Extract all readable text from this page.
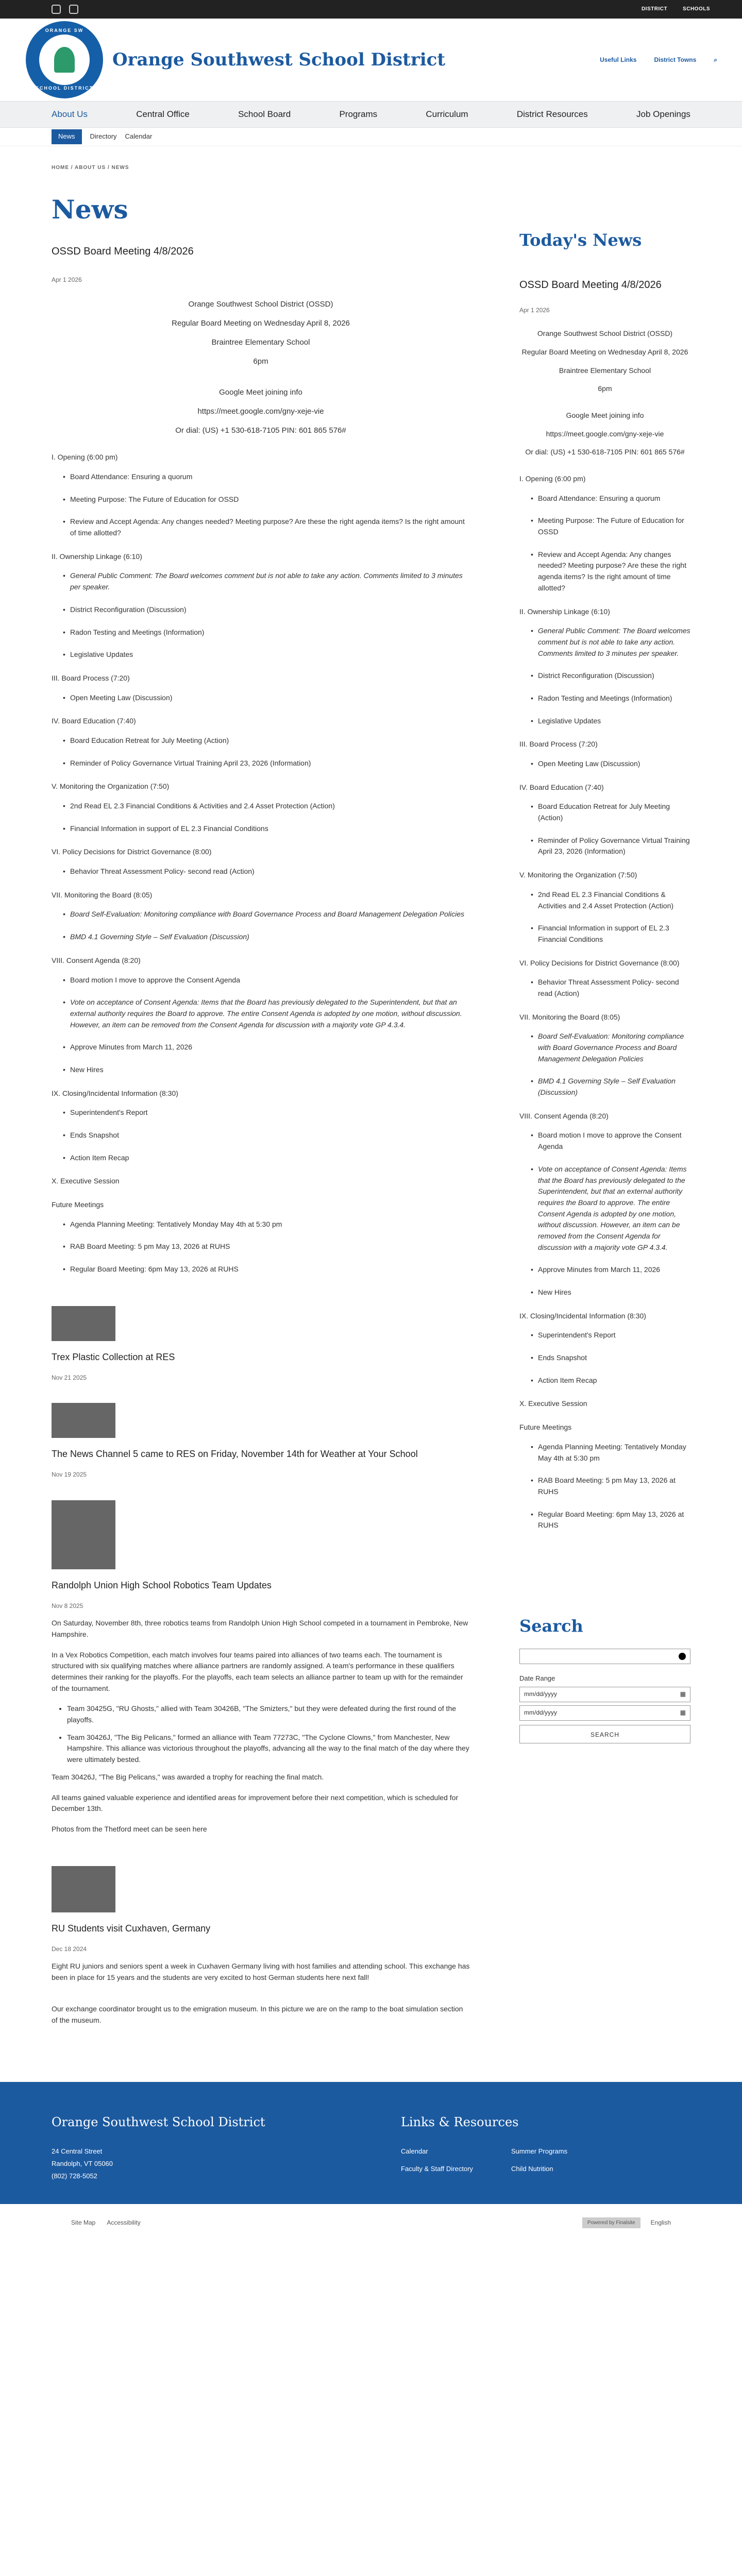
DISTRICT	SCHOOLS
ORANGE SW
SCHOOL DISTRICT
Orange Southwest School District	Useful Links	District Towns	⌕
About Us	Central Office	School Board	Programs	Curriculum	District Resources	Job Openings
News	Directory Calendar
HOME / ABOUT US / NEWS
News
OSSD Board Meeting 4/8/2026
Apr 1 2026

Orange Southwest School District (OSSD)

Regular Board Meeting on Wednesday April 8, 2026

Braintree Elementary School

6pm

Google Meet joining info

https://meet.google.com/gny-xeje-vie

Or dial: (US) +1 530-618-7105 PIN: 601 865 576#

I. Opening (6:00 pm)
• Board Attendance: Ensuring a quorum
• Meeting Purpose: The Future of Education for OSSD
• Review and Accept Agenda: Any changes needed? Meeting purpose? Are these the right agenda items? Is the right amount of time allotted?
II. Ownership Linkage (6:10)
• General Public Comment: The Board welcomes comment but is not able to take any action. Comments limited to 3 minutes per speaker.
• District Reconfiguration (Discussion)
• Radon Testing and Meetings (Information)
• Legislative Updates
III. Board Process (7:20)
• Open Meeting Law (Discussion)
IV. Board Education (7:40)
• Board Education Retreat for July Meeting (Action)
• Reminder of Policy Governance Virtual Training April 23, 2026 (Information)
V. Monitoring the Organization (7:50)
• 2nd Read EL 2.3 Financial Conditions & Activities and 2.4 Asset Protection (Action)
• Financial Information in support of EL 2.3 Financial Conditions
VI. Policy Decisions for District Governance (8:00)
• Behavior Threat Assessment Policy- second read (Action)
VII. Monitoring the Board (8:05)
• Board Self-Evaluation: Monitoring compliance with Board Governance Process and Board Management Delegation Policies
• BMD 4.1 Governing Style – Self Evaluation (Discussion)
VIII. Consent Agenda (8:20)
• Board motion I move to approve the Consent Agenda
• Vote on acceptance of Consent Agenda: Items that the Board has previously delegated to the Superintendent, but that an external authority requires the Board to approve. The entire Consent Agenda is adopted by one motion, without discussion. However, an item can be removed from the Consent Agenda for discussion with a majority vote GP 4.3.4.
• Approve Minutes from March 11, 2026
• New Hires
IX. Closing/Incidental Information (8:30)
• Superintendent's Report
• Ends Snapshot
• Action Item Recap
X. Executive Session
Future Meetings
• Agenda Planning Meeting: Tentatively Monday May 4th at 5:30 pm
• RAB Board Meeting: 5 pm May 13, 2026 at RUHS
• Regular Board Meeting: 6pm May 13, 2026 at RUHS
Trex Plastic Collection at RES
Nov 21 2025
The News Channel 5 came to RES on Friday, November 14th for Weather at Your School
Nov 19 2025
Randolph Union High School Robotics Team Updates
Nov 8 2025

On Saturday, November 8th, three robotics teams from Randolph Union High School competed in a tournament in Pembroke, New Hampshire.

In a Vex Robotics Competition, each match involves four teams paired into alliances of two teams each. The tournament is structured with six qualifying matches where alliance partners are randomly assigned. A team's performance in these qualifiers determines their ranking for the playoffs. For the playoffs, each team selects an alliance partner to team up with for the remainder of the tournament.

• Team 30425G, "RU Ghosts," allied with Team 30426B, "The Smizters," but they were defeated during the first round of the playoffs.
• Team 30426J, "The Big Pelicans," formed an alliance with Team 77273C, "The Cyclone Clowns," from Manchester, New Hampshire. This alliance was victorious throughout the playoffs, advancing all the way to the final match of the day where they were ultimately bested.

Team 30426J, "The Big Pelicans," was awarded a trophy for reaching the final match.

All teams gained valuable experience and identified areas for improvement before their next competition, which is scheduled for December 13th.

Photos from the Thetford meet can be seen here

RU Students visit Cuxhaven, Germany
Dec 18 2024

Eight RU juniors and seniors spent a week in Cuxhaven Germany living with host families and attending school. This exchange has been in place for 15 years and the students are very excited to host German students here next fall!

Our exchange coordinator brought us to the emigration museum. In this picture we are on the ramp to the boat simulation section of the museum.

Today's News
OSSD Board Meeting 4/8/2026
Apr 1 2026

Orange Southwest School District (OSSD)

Regular Board Meeting on Wednesday April 8, 2026

Braintree Elementary School

6pm

Google Meet joining info

https://meet.google.com/gny-xeje-vie

Or dial: (US) +1 530-618-7105 PIN: 601 865 576#

I. Opening (6:00 pm)
• Board Attendance: Ensuring a quorum
• Meeting Purpose: The Future of Education for OSSD
• Review and Accept Agenda: Any changes needed? Meeting purpose? Are these the right agenda items? Is the right amount of time allotted?
II. Ownership Linkage (6:10)
• General Public Comment: The Board welcomes comment but is not able to take any action. Comments limited to 3 minutes per speaker.
• District Reconfiguration (Discussion)
• Radon Testing and Meetings (Information)
• Legislative Updates
III. Board Process (7:20)
• Open Meeting Law (Discussion)
IV. Board Education (7:40)
• Board Education Retreat for July Meeting (Action)
• Reminder of Policy Governance Virtual Training April 23, 2026 (Information)
V. Monitoring the Organization (7:50)
• 2nd Read EL 2.3 Financial Conditions & Activities and 2.4 Asset Protection (Action)
• Financial Information in support of EL 2.3 Financial Conditions
VI. Policy Decisions for District Governance (8:00)
• Behavior Threat Assessment Policy- second read (Action)
VII. Monitoring the Board (8:05)
• Board Self-Evaluation: Monitoring compliance with Board Governance Process and Board Management Delegation Policies
• BMD 4.1 Governing Style – Self Evaluation (Discussion)
VIII. Consent Agenda (8:20)
• Board motion I move to approve the Consent Agenda
• Vote on acceptance of Consent Agenda: Items that the Board has previously delegated to the Superintendent, but that an external authority requires the Board to approve. The entire Consent Agenda is adopted by one motion, without discussion. However, an item can be removed from the Consent Agenda for discussion with a majority vote GP 4.3.4.
• Approve Minutes from March 11, 2026
• New Hires
IX. Closing/Incidental Information (8:30)
• Superintendent's Report
• Ends Snapshot
• Action Item Recap
X. Executive Session
Future Meetings
• Agenda Planning Meeting: Tentatively Monday May 4th at 5:30 pm
• RAB Board Meeting: 5 pm May 13, 2026 at RUHS
• Regular Board Meeting: 6pm May 13, 2026 at RUHS
Search
Date Range
mm/dd/yyyy	▦
mm/dd/yyyy	▦
SEARCH
Orange Southwest School District

24 Central Street

Randolph, VT 05060

(802) 728-5052

Links & Resources
Calendar	Summer Programs
Faculty & Staff Directory	Child Nutrition
Site Map Accessibility	Powered by Finalsite	English
